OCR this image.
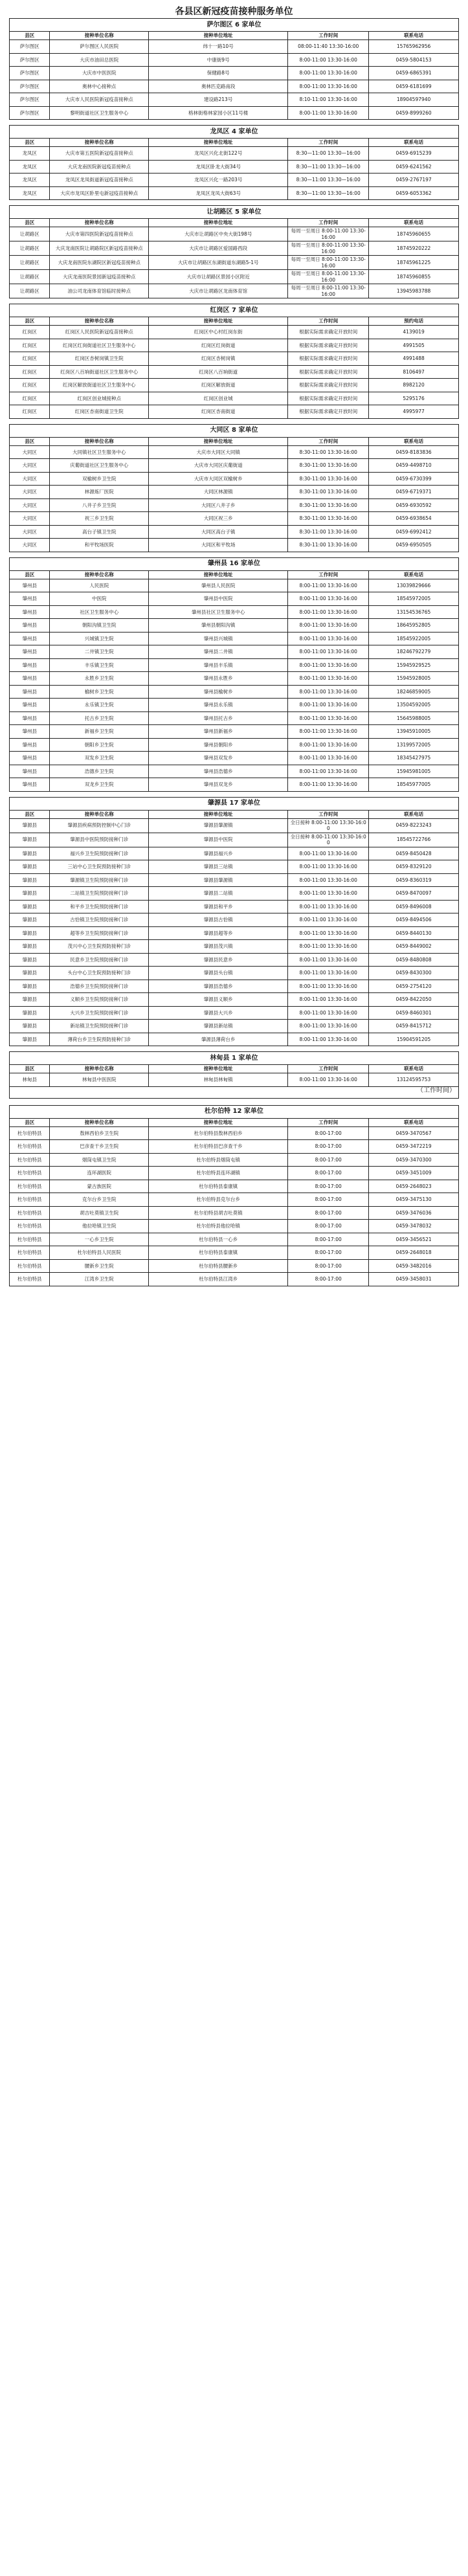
各县区新冠疫苗接种服务单位
萨尔图区 6 家单位				
县区	接种单位名称	接种单位地址	工作时间	联系电话
萨尔图区	萨尔图区人民医院	纬十一路10号	08:00-11:40 13:30-16:00	15765962956
萨尔图区	大庆市油田总医院	中康街9号	8:00-11:00 13:30-16:00	0459-5804153
萨尔图区	大庆市中医医院	保健路8号	8:00-11:00 13:30-16:00	0459-6865391
萨尔图区	奥林中心接种点	奥林匹克路南段	8:00-11:00 13:30-16:00	0459-6181699
萨尔图区	大庆市人民医院新冠疫苗接种点	建设路213号	8:10-11:00 13:30-16:00	18904597940
萨尔图区	黎明街道社区卫生服务中心	格林街格林家园小区11号楼	8:00-11:00 13:30-16:00	0459-8999260
龙凤区 4 家单位				
县区	接种单位名称	接种单位地址	工作时间	联系电话
龙凤区	大庆市第五医院新冠疫苗接种点	龙凤区兴化北街122号	8:30—11:00 13:30—16:00	0459-6915239
龙凤区	大庆龙南医院新冠疫苗接种点	龙凤区卧龙大街34号	8:30—11:00 13:30—16:00	0459-6241562
龙凤区	龙凤区龙凤街道新冠疫苗接种点	龙凤区兴化一路203号	8:30—11:00 13:30—16:00	0459-2767197
龙凤区	大庆市龙凤区卧里屯新冠疫苗接种点	龙凤区龙凤大街63号	8:30—11:00 13:30—16:00	0459-6053362
让胡路区 5 家单位				
县区	接种单位名称	接种单位地址	工作时间	联系电话
让胡路区	大庆市第四医院新冠疫苗接种点	大庆市让胡路区中央大街198号	每周一至周日 8:00-11:00 13:30-16:00	18745960655
让胡路区	大庆龙南医院让胡路院区新冠疫苗接种点	大庆市让胡路区爱国路西段	每周一至周日 8:00-11:00 13:30-16:00	18745920222
让胡路区	大庆龙南医院东湖院区新冠疫苗接种点	大庆市让胡路区东湖街道东湖路5-1号	每周一至周日 8:00-11:00 13:30-16:00	18745961225
让胡路区	大庆龙南医院景园新冠疫苗接种点	大庆市让胡路区景园小区附近	每周一至周日 8:00-11:00 13:30-16:00	18745960855
让胡路区	油公司龙南体育馆临时接种点	大庆市让胡路区龙南体育馆	每周一至周日 8:00-11:00 13:30-16:00	13945983788
红岗区 7 家单位				
县区	接种单位名称	接种单位地址	工作时间	预约电话
红岗区	红岗区人民医院新冠疫苗接种点	红岗区中心村红岗东街	根据实际需求确定开放时间	4139019
红岗区	红岗区红岗街道社区卫生服务中心	红岗区红岗街道	根据实际需求确定开放时间	4991505
红岗区	红岗区杏树岗镇卫生院	红岗区杏树岗镇	根据实际需求确定开放时间	4991488
红岗区	红岗区八百垧街道社区卫生服务中心	红岗区八百垧街道	根据实际需求确定开放时间	8106497
红岗区	红岗区解放街道社区卫生服务中心	红岗区解放街道	根据实际需求确定开放时间	8982120
红岗区	红岗区创业城接种点	红岗区创业城	根据实际需求确定开放时间	5295176
红岗区	红岗区杏南街道卫生院	红岗区杏南街道	根据实际需求确定开放时间	4995977
大同区 8 家单位				
县区	接种单位名称	接种单位地址	工作时间	联系电话
大同区	大同镇社区卫生服务中心	大庆市大同区大同镇	8:30-11:00 13:30-16:00	0459-8183836
大同区	庆葡街道社区卫生服务中心	大庆市大同区庆葡街道	8:30-11:00 13:30-16:00	0459-4498710
大同区	双榆树乡卫生院	大庆市大同区双榆树乡	8:30-11:00 13:30-16:00	0459-6730399
大同区	林源炼厂医院	大同区林源镇	8:30-11:00 13:30-16:00	0459-6719371
大同区	八井子乡卫生院	大同区八井子乡	8:30-11:00 13:30-16:00	0459-6930592
大同区	祝三乡卫生院	大同区祝三乡	8:30-11:00 13:30-16:00	0459-6938654
大同区	高台子镇卫生院	大同区高台子镇	8:30-11:00 13:30-16:00	0459-6992412
大同区	和平牧场医院	大同区和平牧场	8:30-11:00 13:30-16:00	0459-6950505
肇州县 16 家单位				
县区	接种单位名称	接种单位地址	工作时间	联系电话
肇州县	人民医院	肇州县人民医院	8:00-11:00 13:30-16:00	13039829666
肇州县	中医院	肇州县中医院	8:00-11:00 13:30-16:00	18545972005
肇州县	社区卫生服务中心	肇州县社区卫生服务中心	8:00-11:00 13:30-16:00	13154536765
肇州县	朝阳沟镇卫生院	肇州县朝阳沟镇	8:00-11:00 13:30-16:00	18645952805
肇州县	兴城镇卫生院	肇州县兴城镇	8:00-11:00 13:30-16:00	18545922005
肇州县	二井镇卫生院	肇州县二井镇	8:00-11:00 13:30-16:00	18246792279
肇州县	丰乐镇卫生院	肇州县丰乐镇	8:00-11:00 13:30-16:00	15945929525
肇州县	永胜乡卫生院	肇州县永胜乡	8:00-11:00 13:30-16:00	15945928005
肇州县	榆树乡卫生院	肇州县榆树乡	8:00-11:00 13:30-16:00	18246859005
肇州县	永乐镇卫生院	肇州县永乐镇	8:00-11:00 13:30-16:00	13504592005
肇州县	托古乡卫生院	肇州县托古乡	8:00-11:00 13:30-16:00	15645988005
肇州县	新福乡卫生院	肇州县新福乡	8:00-11:00 13:30-16:00	13945910005
肇州县	朝阳乡卫生院	肇州县朝阳乡	8:00-11:00 13:30-16:00	13199572005
肇州县	双发乡卫生院	肇州县双发乡	8:00-11:00 13:30-16:00	18345427975
肇州县	浩德乡卫生院	肇州县浩德乡	8:00-11:00 13:30-16:00	15945981005
肇州县	双龙乡卫生院	肇州县双龙乡	8:00-11:00 13:30-16:00	18545977005
肇源县 17 家单位				
县区	接种单位名称	接种单位地址	工作时间	联系电话
肇源县	肇源县疾病预防控制中心门诊	肇源县肇源镇	全日接种 8:00-11:00 13:30-16:00	0459-8223243
肇源县	肇源县中医院预防接种门诊	肇源县中医院	全日接种 8:00-11:00 13:30-16:00	18545722766
肇源县	福兴乡卫生院预防接种门诊	肇源县福兴乡	8:00-11:00 13:30-16:00	0459-8450428
肇源县	三站中心卫生院预防接种门诊	肇源县三站镇	8:00-11:00 13:30-16:00	0459-8329120
肇源县	肇源镇卫生院预防接种门诊	肇源县肇源镇	8:00-11:00 13:30-16:00	0459-8360319
肇源县	二站镇卫生院预防接种门诊	肇源县二站镇	8:00-11:00 13:30-16:00	0459-8470097
肇源县	和平乡卫生院预防接种门诊	肇源县和平乡	8:00-11:00 13:30-16:00	0459-8496008
肇源县	古恰镇卫生院预防接种门诊	肇源县古恰镇	8:00-11:00 13:30-16:00	0459-8494506
肇源县	超等乡卫生院预防接种门诊	肇源县超等乡	8:00-11:00 13:30-16:00	0459-8440130
肇源县	茂兴中心卫生院预防接种门诊	肇源县茂兴镇	8:00-11:00 13:30-16:00	0459-8449002
肇源县	民意乡卫生院预防接种门诊	肇源县民意乡	8:00-11:00 13:30-16:00	0459-8480808
肇源县	头台中心卫生院预防接种门诊	肇源县头台镇	8:00-11:00 13:30-16:00	0459-8430300
肇源县	浩德乡卫生院预防接种门诊	肇源县浩德乡	8:00-11:00 13:30-16:00	0459-2754120
肇源县	义顺乡卫生院预防接种门诊	肇源县义顺乡	8:00-11:00 13:30-16:00	0459-8422050
肇源县	大兴乡卫生院预防接种门诊	肇源县大兴乡	8:00-11:00 13:30-16:00	0459-8460301
肇源县	新站镇卫生院预防接种门诊	肇源县新站镇	8:00-11:00 13:30-16:00	0459-8415712
肇源县	薄荷台乡卫生院预防接种门诊	肇源县薄荷台乡	8:00-11:00 13:30-16:00	15904591205
林甸县 1 家单位				
县区	接种单位名称	接种单位地址	工作时间	联系电话
林甸县	林甸县中医医院	林甸县林甸镇	8:00-11:00 13:30-16:00	13124595753
（工作时间）
杜尔伯特 12 家单位				
县区	接种单位名称	接种单位地址	工作时间	联系电话
杜尔伯特县	敖林西伯乡卫生院	杜尔伯特县敖林西伯乡	8:00-17:00	0459-3470567
杜尔伯特县	巴彦查干乡卫生院	杜尔伯特县巴彦查干乡	8:00-17:00	0459-3472219
杜尔伯特县	烟筒屯镇卫生院	杜尔伯特县烟筒屯镇	8:00-17:00	0459-3470300
杜尔伯特县	连环湖医院	杜尔伯特县连环湖镇	8:00-17:00	0459-3451009
杜尔伯特县	蒙古族医院	杜尔伯特县泰康镇	8:00-17:00	0459-2648023
杜尔伯特县	克尔台乡卫生院	杜尔伯特县克尔台乡	8:00-17:00	0459-3475130
杜尔伯特县	胡吉吐莫镇卫生院	杜尔伯特县胡吉吐莫镇	8:00-17:00	0459-3476036
杜尔伯特县	他拉哈镇卫生院	杜尔伯特县他拉哈镇	8:00-17:00	0459-3478032
杜尔伯特县	一心乡卫生院	杜尔伯特县一心乡	8:00-17:00	0459-3456521
杜尔伯特县	杜尔伯特县人民医院	杜尔伯特县泰康镇	8:00-17:00	0459-2648018
杜尔伯特县	腰新乡卫生院	杜尔伯特县腰新乡	8:00-17:00	0459-3482016
杜尔伯特县	江湾乡卫生院	杜尔伯特县江湾乡	8:00-17:00	0459-3458031
